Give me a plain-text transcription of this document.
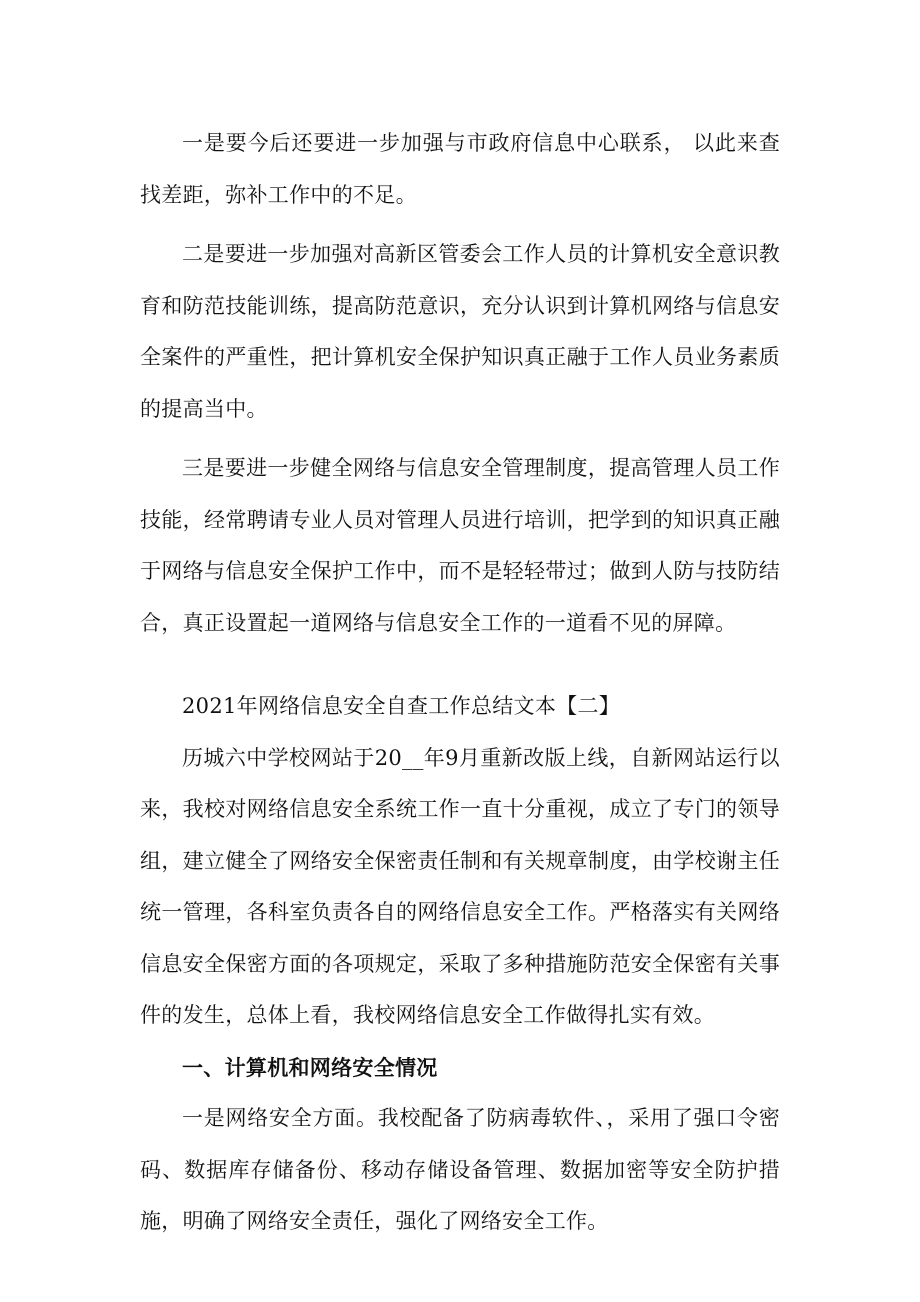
一是要今后还要进一步加强与市政府信息中心联系， 以此来查找差距，弥补工作中的不足。

二是要进一步加强对高新区管委会工作人员的计算机安全意识教育和防范技能训练，提高防范意识，充分认识到计算机网络与信息安全案件的严重性，把计算机安全保护知识真正融于工作人员业务素质的提高当中。

三是要进一步健全网络与信息安全管理制度，提高管理人员工作技能，经常聘请专业人员对管理人员进行培训，把学到的知识真正融于网络与信息安全保护工作中，而不是轻轻带过；做到人防与技防结合，真正设置起一道网络与信息安全工作的一道看不见的屏障。

2021年网络信息安全自查工作总结文本【二】

历城六中学校网站于20__年9月重新改版上线，自新网站运行以来，我校对网络信息安全系统工作一直十分重视，成立了专门的领导组，建立健全了网络安全保密责任制和有关规章制度，由学校谢主任统一管理，各科室负责各自的网络信息安全工作。严格落实有关网络信息安全保密方面的各项规定，采取了多种措施防范安全保密有关事件的发生，总体上看，我校网络信息安全工作做得扎实有效。

一、计算机和网络安全情况

一是网络安全方面。我校配备了防病毒软件、，采用了强口令密码、数据库存储备份、移动存储设备管理、数据加密等安全防护措施，明确了网络安全责任，强化了网络安全工作。
